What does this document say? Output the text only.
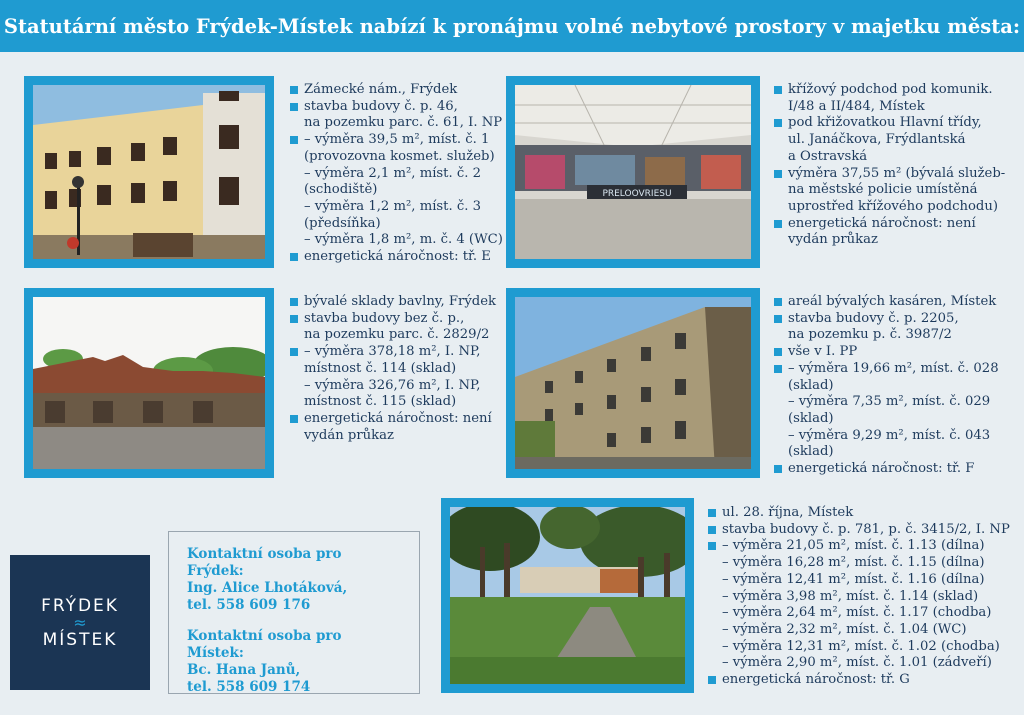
Statutární město Frýdek-Místek nabízí k pronájmu volné nebytové prostory v majetku města:
Zámecké nám., Frýdek
stavba budovy č. p. 46,
na pozemku parc. č. 61, I. NP
– výměra 39,5 m², míst. č. 1
(provozovna kosmet. služeb)
– výměra 2,1 m², míst. č. 2
(schodiště)
– výměra 1,2 m², míst. č. 3
(předsíňka)
– výměra 1,8 m², m. č. 4 (WC)
energetická náročnost: tř. E
PRELOOVRIESU
křížový podchod pod komunik.
I/48 a II/484, Místek
pod křižovatkou Hlavní třídy,
ul. Janáčkova, Frýdlantská
a Ostravská
výměra 37,55 m² (bývalá služeb-
na městské policie umístěná
uprostřed křížového podchodu)
energetická náročnost: není
vydán průkaz
bývalé sklady bavlny, Frýdek
stavba budovy bez č. p.,
na pozemku parc. č. 2829/2
– výměra 378,18 m², I. NP,
místnost č. 114 (sklad)
– výměra 326,76 m², I. NP,
místnost č. 115 (sklad)
energetická náročnost: není
vydán průkaz
areál bývalých kasáren, Místek
stavba budovy č. p. 2205,
na pozemku p. č. 3987/2
vše v I. PP
– výměra 19,66 m², míst. č. 028
(sklad)
– výměra 7,35 m², míst. č. 029
(sklad)
– výměra 9,29 m², míst. č. 043
(sklad)
energetická náročnost: tř. F
FRÝDEK
≈
MÍSTEK

Kontaktní osoba pro Frýdek:
Ing. Alice Lhotáková,
tel. 558 609 176

Kontaktní osoba pro Místek:
Bc. Hana Janů,
tel. 558 609 174

ul. 28. října, Místek
stavba budovy č. p. 781, p. č. 3415/2, I. NP
– výměra 21,05 m², míst. č. 1.13 (dílna)
– výměra 16,28 m², míst. č. 1.15 (dílna)
– výměra 12,41 m², míst. č. 1.16 (dílna)
– výměra 3,98 m², míst. č. 1.14 (sklad)
– výměra 2,64 m², míst. č. 1.17 (chodba)
– výměra 2,32 m², míst. č. 1.04 (WC)
– výměra 12,31 m², míst. č. 1.02 (chodba)
– výměra 2,90 m², míst. č. 1.01 (zádveří)
energetická náročnost: tř. G
